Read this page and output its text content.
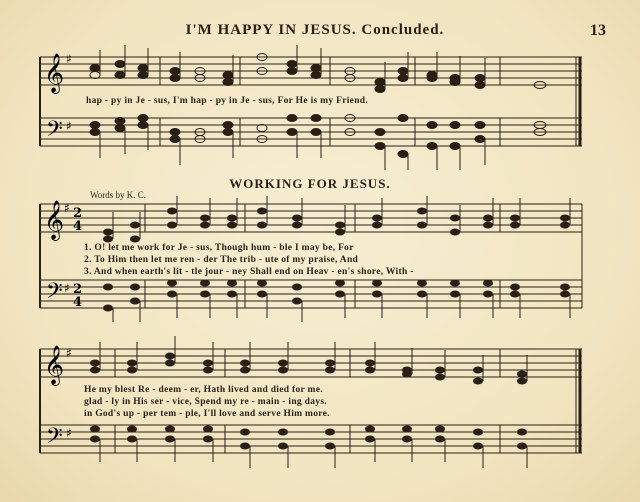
I'M HAPPY IN JESUS. Concluded.	13
𝄞
𝄢
♯
♯
𝄞
𝄢
♯
♯
2
4
2
4
𝄞
𝄢
♯
♯
hap - py in Je - sus, I'm hap - py in Je - sus, For He is my Friend.
WORKING FOR JESUS.
Words by K. C.
1. O! let me work for Je - sus, Though hum - ble I may be, For
2. To Him then let me ren - der The trib - ute of my praise, And
3. And when earth's lit - tle jour - ney Shall end on Heav - en's shore, With -
He my blest Re - deem - er, Hath lived and died for me.
glad - ly in His ser - vice, Spend my re - main - ing days.
in God's up - per tem - ple, I'll love and serve Him more.
